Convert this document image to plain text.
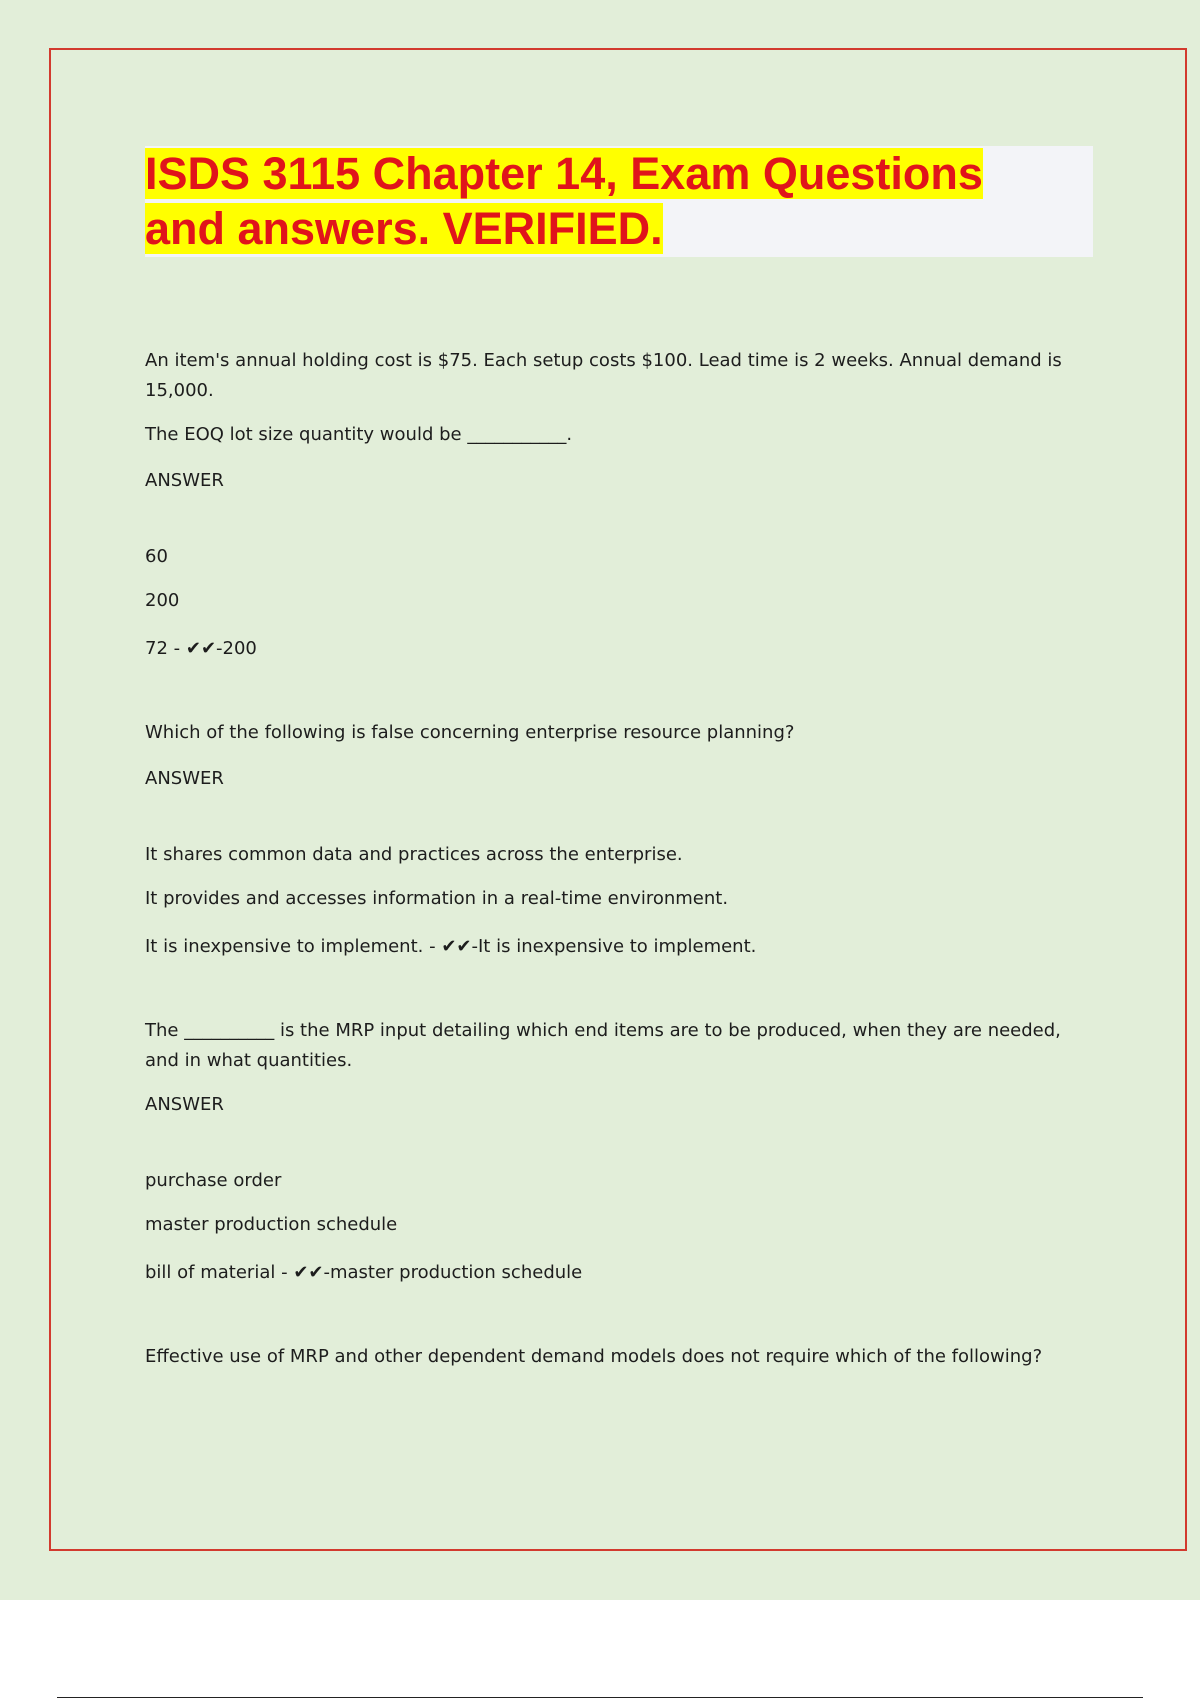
ISDS 3115 Chapter 14, Exam Questions
and answers. VERIFIED.

An item's annual holding cost is $75. Each setup costs $100. Lead time is 2 weeks. Annual demand is 15,000.

The EOQ lot size quantity would be ___________.

ANSWER

60

200

72 - ✔✔-200

Which of the following is false concerning enterprise resource planning?

ANSWER

It shares common data and practices across the enterprise.

It provides and accesses information in a real-time environment.

It is inexpensive to implement. - ✔✔-It is inexpensive to implement.

The __________ is the MRP input detailing which end items are to be produced, when they are needed, and in what quantities.

ANSWER

purchase order

master production schedule

bill of material - ✔✔-master production schedule

Effective use of MRP and other dependent demand models does not require which of the following?
